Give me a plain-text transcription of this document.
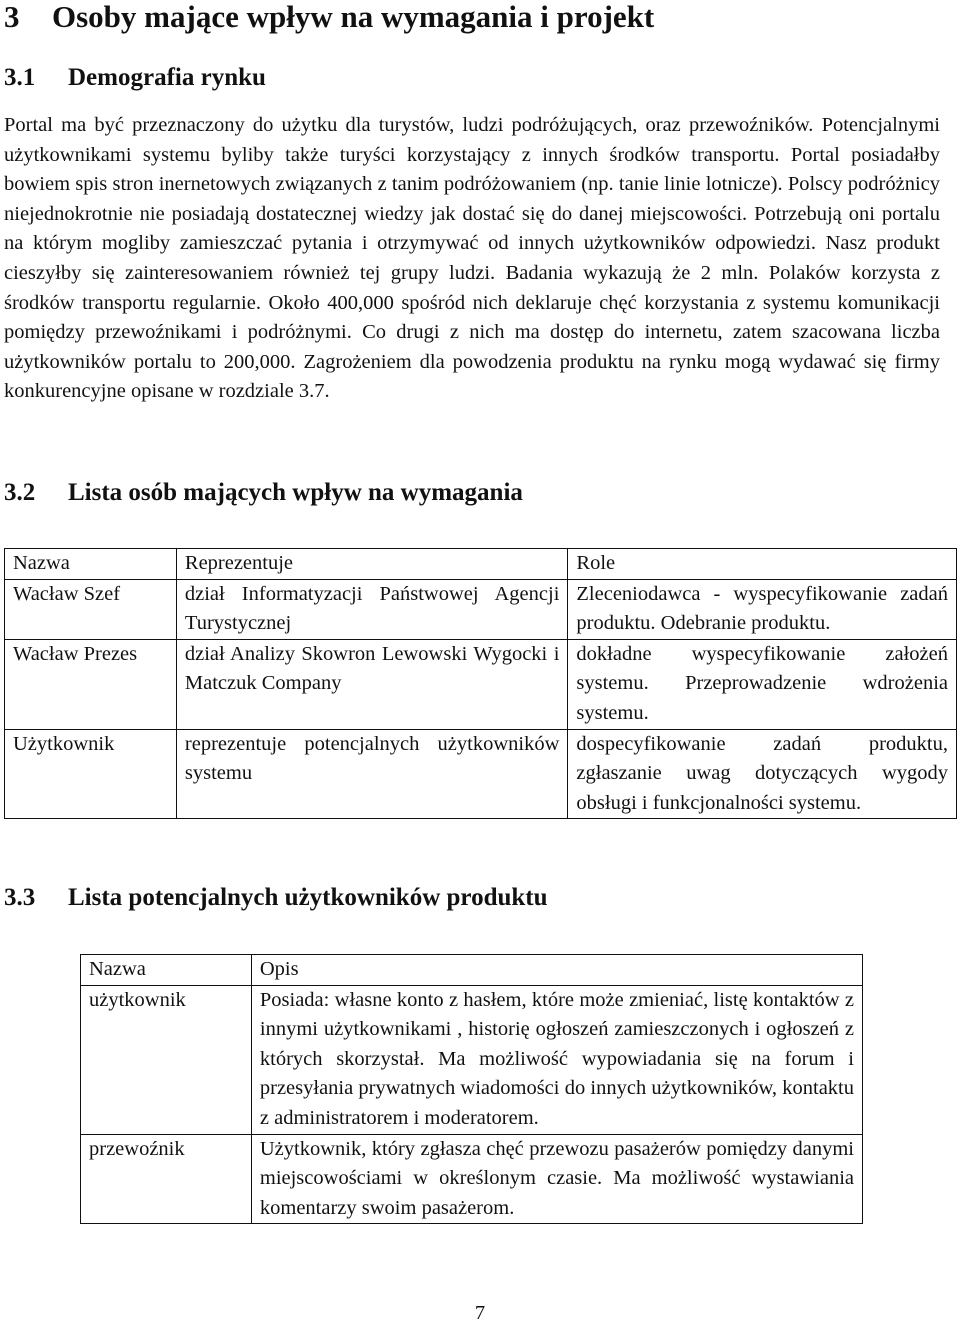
3 Osoby mające wpływ na wymagania i projekt
3.1 Demografia rynku

Portal ma być przeznaczony do użytku dla turystów, ludzi podróżujących, oraz przewoźników. Potencjalnymi użytkownikami systemu byliby także turyści korzystający z innych środków transportu. Portal posiadałby bowiem spis stron inernetowych związanych z tanim podróżowaniem (np. tanie linie lotnicze). Polscy podróżnicy niejednokrotnie nie posiadają dostatecznej wiedzy jak dostać się do danej miejscowości. Potrzebują oni portalu na którym mogliby zamieszczać pytania i otrzymywać od innych użytkowników odpowiedzi. Nasz produkt cieszyłby się zainteresowaniem również tej grupy ludzi. Badania wykazują że 2 mln. Polaków korzysta z środków transportu regularnie. Około 400,000 spośród nich deklaruje chęć korzystania z systemu komunikacji pomiędzy przewoźnikami i podróżnymi. Co drugi z nich ma dostęp do internetu, zatem szacowana liczba użytkowników portalu to 200,000. Zagrożeniem dla powodzenia produktu na rynku mogą wydawać się firmy konkurencyjne opisane w rozdziale 3.7.

3.2 Lista osób mających wpływ na wymagania
Nazwa	Reprezentuje	Role
Wacław Szef	dział Informatyzacji Państwowej Agencji Turystycznej	Zleceniodawca - wyspecyfikowanie zadań produktu. Odebranie produktu.
Wacław Prezes	dział Analizy Skowron Lewowski Wygocki i Matczuk Company	dokładne wyspecyfikowanie założeń systemu. Przeprowadzenie wdrożenia systemu.
Użytkownik	reprezentuje potencjalnych użytkowników systemu	dospecyfikowanie zadań produktu, zgłaszanie uwag dotyczących wygody obsługi i funkcjonalności systemu.
3.3 Lista potencjalnych użytkowników produktu
Nazwa	Opis
użytkownik	Posiada: własne konto z hasłem, które może zmieniać, listę kontaktów z innymi użytkownikami , historię ogłoszeń zamieszczonych i ogłoszeń z których skorzystał. Ma możliwość wypowiadania się na forum i przesyłania prywatnych wiadomości do innych użytkowników, kontaktu z administratorem i moderatorem.
przewoźnik	Użytkownik, który zgłasza chęć przewozu pasażerów pomiędzy danymi miejscowościami w określonym czasie. Ma możliwość wystawiania komentarzy swoim pasażerom.
7
